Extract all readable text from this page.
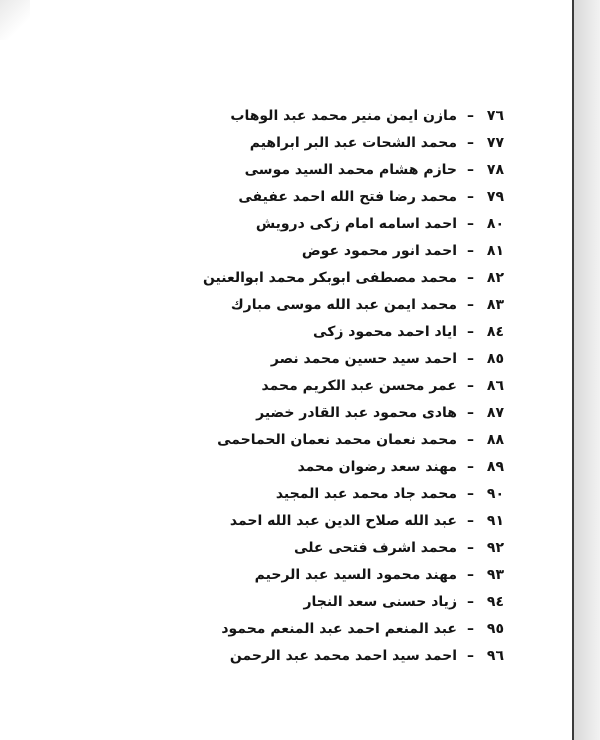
٧٦–مازن ايمن منير محمد عبد الوهاب
٧٧–محمد الشحات عبد البر ابراهيم
٧٨–حازم هشام محمد السيد موسى
٧٩–محمد رضا فتح الله احمد عفيفى
٨٠–احمد اسامه امام زكى درويش
٨١–احمد انور محمود عوض
٨٢–محمد مصطفى ابوبكر محمد ابوالعنين
٨٣–محمد ايمن عبد الله موسى مبارك
٨٤–اياد احمد محمود زكى
٨٥–احمد سيد حسين محمد نصر
٨٦–عمر محسن عبد الكريم محمد
٨٧–هادى محمود عبد القادر خضير
٨٨–محمد نعمان محمد نعمان الحماحمى
٨٩–مهند سعد رضوان محمد
٩٠–محمد جاد محمد عبد المجيد
٩١–عبد الله صلاح الدين عبد الله احمد
٩٢–محمد اشرف فتحى على
٩٣–مهند محمود السيد عبد الرحيم
٩٤–زياد حسنى سعد النجار
٩٥–عبد المنعم احمد عبد المنعم محمود
٩٦–احمد سيد احمد محمد عبد الرحمن
